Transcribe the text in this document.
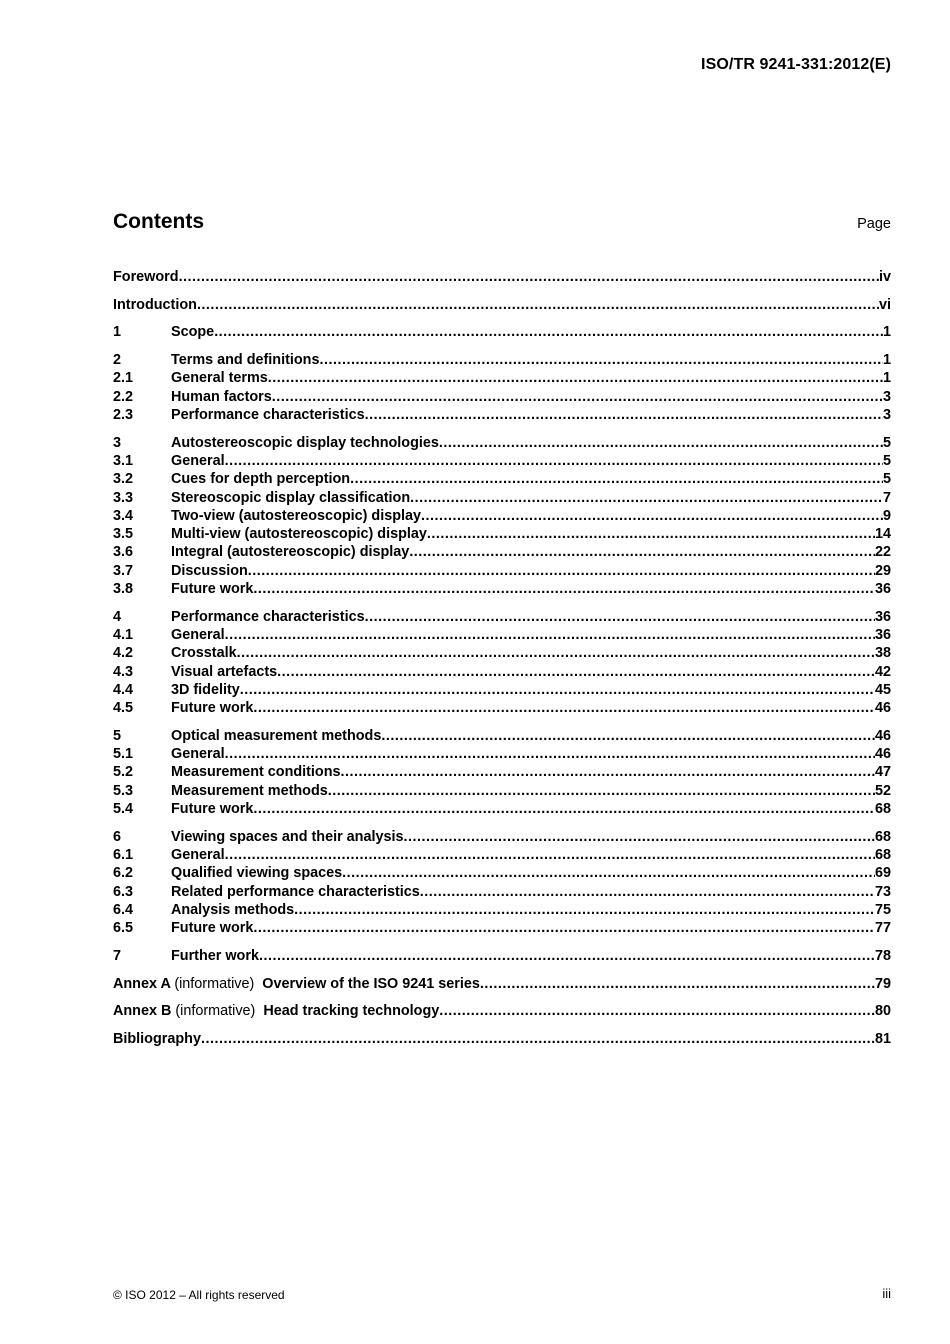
ISO/TR 9241-331:2012(E)
Contents	Page
Foreword .....	iv
Introduction .....	vi
1	Scope .....	1
2	Terms and definitions .....	1
2.1	General terms .....	1
2.2	Human factors .....	3
2.3	Performance characteristics .....	3
3	Autostereoscopic display technologies .....	5
3.1	General .....	5
3.2	Cues for depth perception .....	5
3.3	Stereoscopic display classification .....	7
3.4	Two-view (autostereoscopic) display .....	9
3.5	Multi-view (autostereoscopic) display .....	14
3.6	Integral (autostereoscopic) display .....	22
3.7	Discussion .....	29
3.8	Future work .....	36
4	Performance characteristics .....	36
4.1	General .....	36
4.2	Crosstalk .....	38
4.3	Visual artefacts .....	42
4.4	3D fidelity .....	45
4.5	Future work .....	46
5	Optical measurement methods .....	46
5.1	General .....	46
5.2	Measurement conditions .....	47
5.3	Measurement methods .....	52
5.4	Future work .....	68
6	Viewing spaces and their analysis .....	68
6.1	General .....	68
6.2	Qualified viewing spaces .....	69
6.3	Related performance characteristics .....	73
6.4	Analysis methods .....	75
6.5	Future work .....	77
7	Further work .....	78
Annex A (informative) Overview of the ISO 9241 series .....	79
Annex B (informative) Head tracking technology .....	80
Bibliography .....	81
© ISO 2012 – All rights reserved	iii
